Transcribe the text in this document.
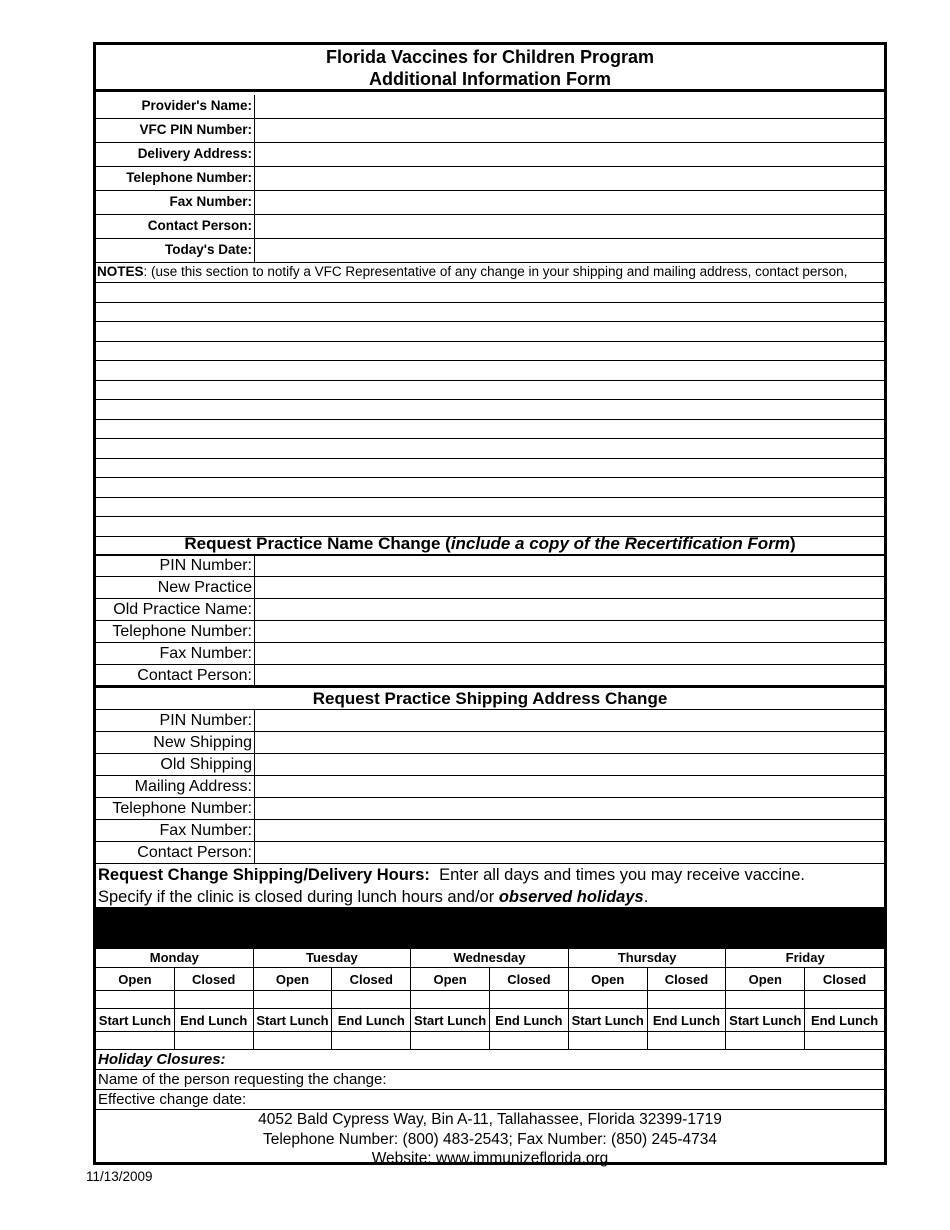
Florida Vaccines for Children Program
Additional Information Form
Provider's Name:
VFC PIN Number:
Delivery Address:
Telephone Number:
Fax Number:
Contact Person:
Today's Date:
NOTES: (use this section to notify a VFC Representative of any change in your shipping and mailing address, contact person,
Request Practice Name Change (include a copy of the Recertification Form)
PIN Number:
New Practice
Old Practice Name:
Telephone Number:
Fax Number:
Contact Person:
Request Practice Shipping Address Change
PIN Number:
New Shipping
Old Shipping
Mailing Address:
Telephone Number:
Fax Number:
Contact Person:
Request Change Shipping/Delivery Hours: Enter all days and times you may receive vaccine.
Specify if the clinic is closed during lunch hours and/or observed holidays.
Monday	Tuesday	Wednesday	Thursday	Friday
Open	Closed	Open	Closed	Open	Closed	Open	Closed	Open	Closed
Start Lunch End Lunch Start Lunch End Lunch Start Lunch End Lunch Start Lunch End Lunch Start Lunch End Lunch
Holiday Closures:
Name of the person requesting the change:
Effective change date:
4052 Bald Cypress Way, Bin A-11, Tallahassee, Florida 32399-1719
Telephone Number: (800) 483-2543; Fax Number: (850) 245-4734
Website: www.immunizeflorida.org
11/13/2009
